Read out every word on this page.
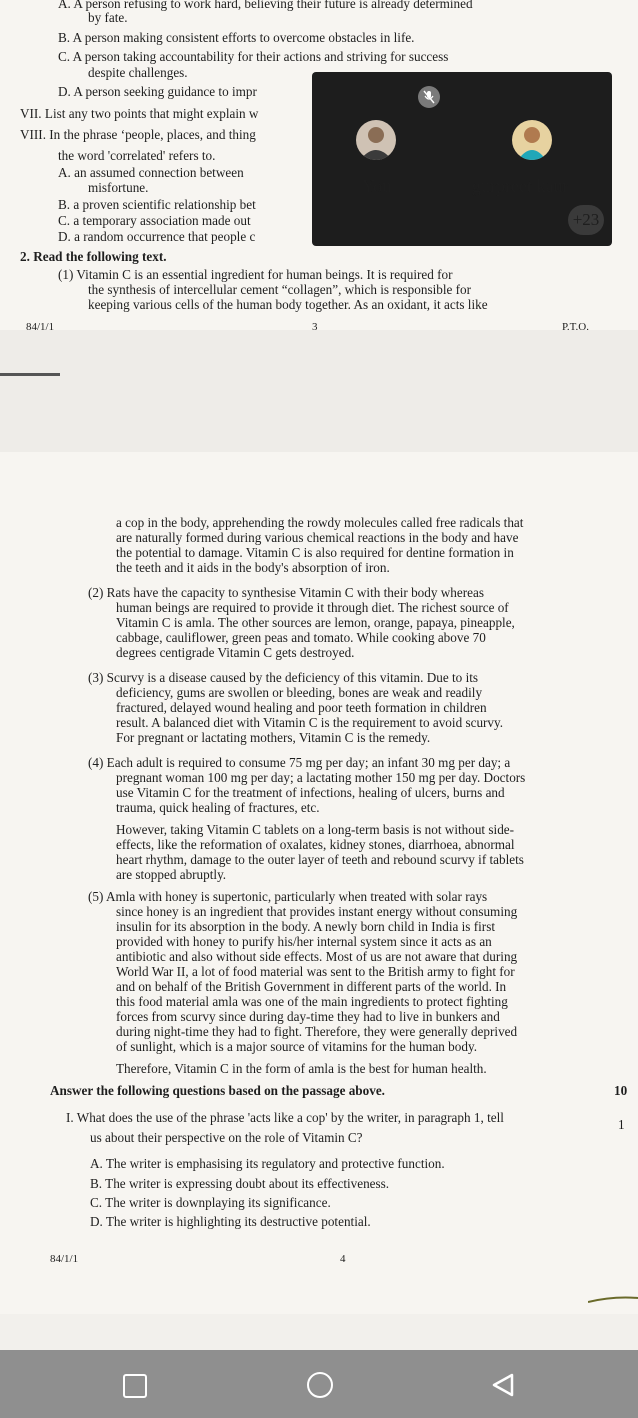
A. A person refusing to work hard, believing their future is already determined
by fate.
B. A person making consistent efforts to overcome obstacles in life.
C. A person taking accountability for their actions and striving for success
despite challenges.
D. A person seeking guidance to impr
VII. List any two points that might explain w
VIII. In the phrase ‘people, places, and thing
the word 'correlated' refers to.
A. an assumed connection between
misfortune.
B. a proven scientific relationship bet
C. a temporary association made out
D. a random occurrence that people c
2. Read the following text.
(1) Vitamin C is an essential ingredient for human beings. It is required for
the synthesis of intercellular cement “collagen”, which is responsible for
keeping various cells of the human body together. As an oxidant, it acts like
84/1/1	3	P.T.O.
a cop in the body, apprehending the rowdy molecules called free radicals that
are naturally formed during various chemical reactions in the body and have
the potential to damage. Vitamin C is also required for dentine formation in
the teeth and it aids in the body's absorption of iron.
(2) Rats have the capacity to synthesise Vitamin C with their body whereas
human beings are required to provide it through diet. The richest source of
Vitamin C is amla. The other sources are lemon, orange, papaya, pineapple,
cabbage, cauliflower, green peas and tomato. While cooking above 70
degrees centigrade Vitamin C gets destroyed.
(3) Scurvy is a disease caused by the deficiency of this vitamin. Due to its
deficiency, gums are swollen or bleeding, bones are weak and readily
fractured, delayed wound healing and poor teeth formation in children
result. A balanced diet with Vitamin C is the requirement to avoid scurvy.
For pregnant or lactating mothers, Vitamin C is the remedy.
(4) Each adult is required to consume 75 mg per day; an infant 30 mg per day; a
pregnant woman 100 mg per day; a lactating mother 150 mg per day. Doctors
use Vitamin C for the treatment of infections, healing of ulcers, burns and
trauma, quick healing of fractures, etc.
However, taking Vitamin C tablets on a long-term basis is not without side-
effects, like the reformation of oxalates, kidney stones, diarrhoea, abnormal
heart rhythm, damage to the outer layer of teeth and rebound scurvy if tablets
are stopped abruptly.
(5) Amla with honey is supertonic, particularly when treated with solar rays
since honey is an ingredient that provides instant energy without consuming
insulin for its absorption in the body. A newly born child in India is first
provided with honey to purify his/her internal system since it acts as an
antibiotic and also without side effects. Most of us are not aware that during
World War II, a lot of food material was sent to the British army to fight for
and on behalf of the British Government in different parts of the world. In
this food material amla was one of the main ingredients to protect fighting
forces from scurvy since during day-time they had to live in bunkers and
during night-time they had to fight. Therefore, they were generally deprived
of sunlight, which is a major source of vitamins for the human body.
Therefore, Vitamin C in the form of amla is the best for human health.
Answer the following questions based on the passage above.	10
I. What does the use of the phrase 'acts like a cop' by the writer, in paragraph 1, tell
us about their perspective on the role of Vitamin C?
1
A. The writer is emphasising its regulatory and protective function.
B. The writer is expressing doubt about its effectiveness.
C. The writer is downplaying its significance.
D. The writer is highlighting its destructive potential.
84/1/1	4
You	gurpreet kaur
+23
